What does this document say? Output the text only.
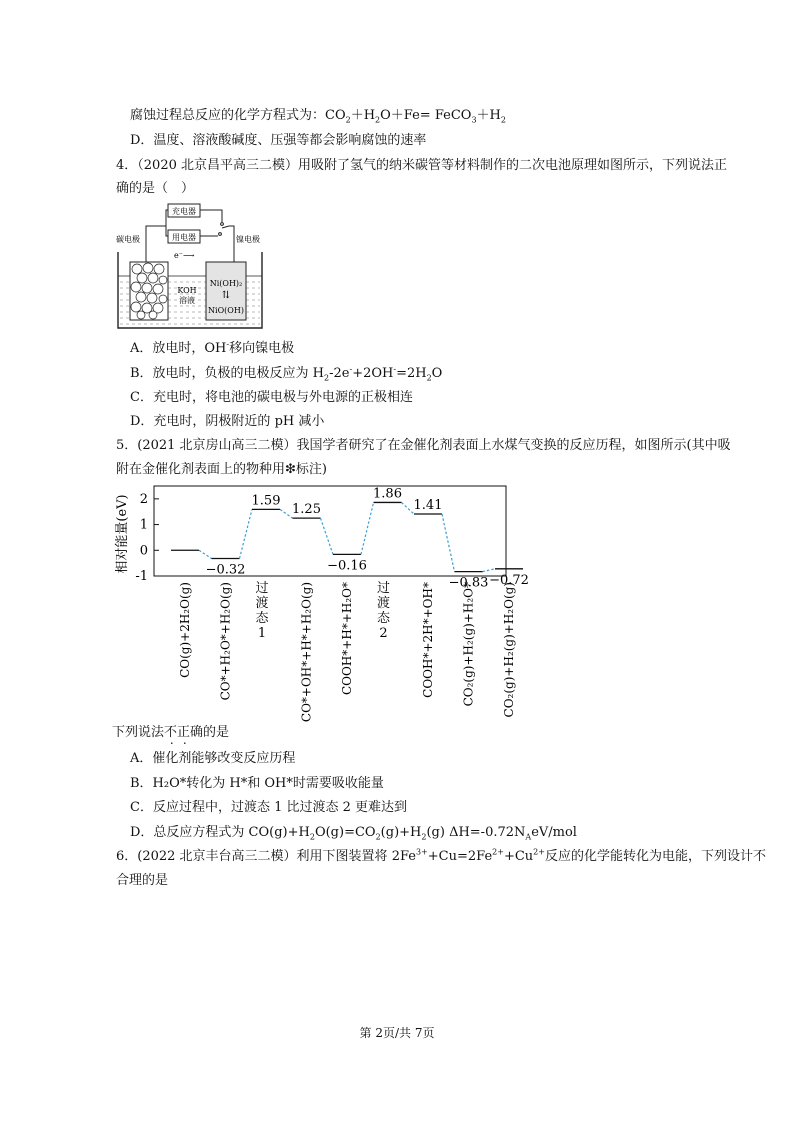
腐蚀过程总反应的化学方程式为：$CO_2+H_2O+Fe=$ $FeCO_3+H_2$
D．温度、溶液酸碱度、压强等都会影响腐蚀的速率
4．（2020 北京昌平高三二模）用吸附了氢气的纳米碳管等材料制作的二次电池原理如图所示，下列说法正
确的是（　）
充电器
用电器
碳电极	镍电极
e⁻⟶
KOH
溶液
Ni(OH)₂
⇅
NiO(OH)
A．放电时，OH-移向镍电极
B．放电时，负极的电极反应为 $H_2-2e^-+2OH^-=2H_2O$
C．充电时，将电池的碳电极与外电源的正极相连
D．充电时，阴极附近的 pH 减小
5．(2021 北京房山高三二模）我国学者研究了在金催化剂表面上水煤气变换的反应历程，如图所示(其中吸
附在金催化剂表面上的物种用❇标注)
相对能量(eV) 2
1
0
-1	−0.32
1.59
1.25
−0.16
1.86
1.41
−0.83 −0.72
CO(g)+2H₂O(g) CO*+H₂O*+H₂O(g) 过
渡
态
1	CO*+OH*+H*+H₂O(g) COOH*+H*+H₂O* 过
渡
态
2	COOH*+2H*+OH* CO₂(g)+H₂(g)+H₂O* CO₂(g)+H₂(g)+H₂O(g)
下列说法不正确的是
A．催化剂能够改变反应历程
B．H₂O*转化为 H*和 OH*时需要吸收能量
C．反应过程中，过渡态 1 比过渡态 2 更难达到
D．总反应方程式为 $CO(g)+H_2O(g)=CO_2(g)+H_2(g)$ $\Delta H=-0.72N_AeV$/mol
6．(2022 北京丰台高三二模）利用下图装置将 $2Fe^{3+}+Cu=2Fe^{2+}+Cu^{2+}$反应的化学能转化为电能，下列设计不
合理的是
第 2页/共 7页
